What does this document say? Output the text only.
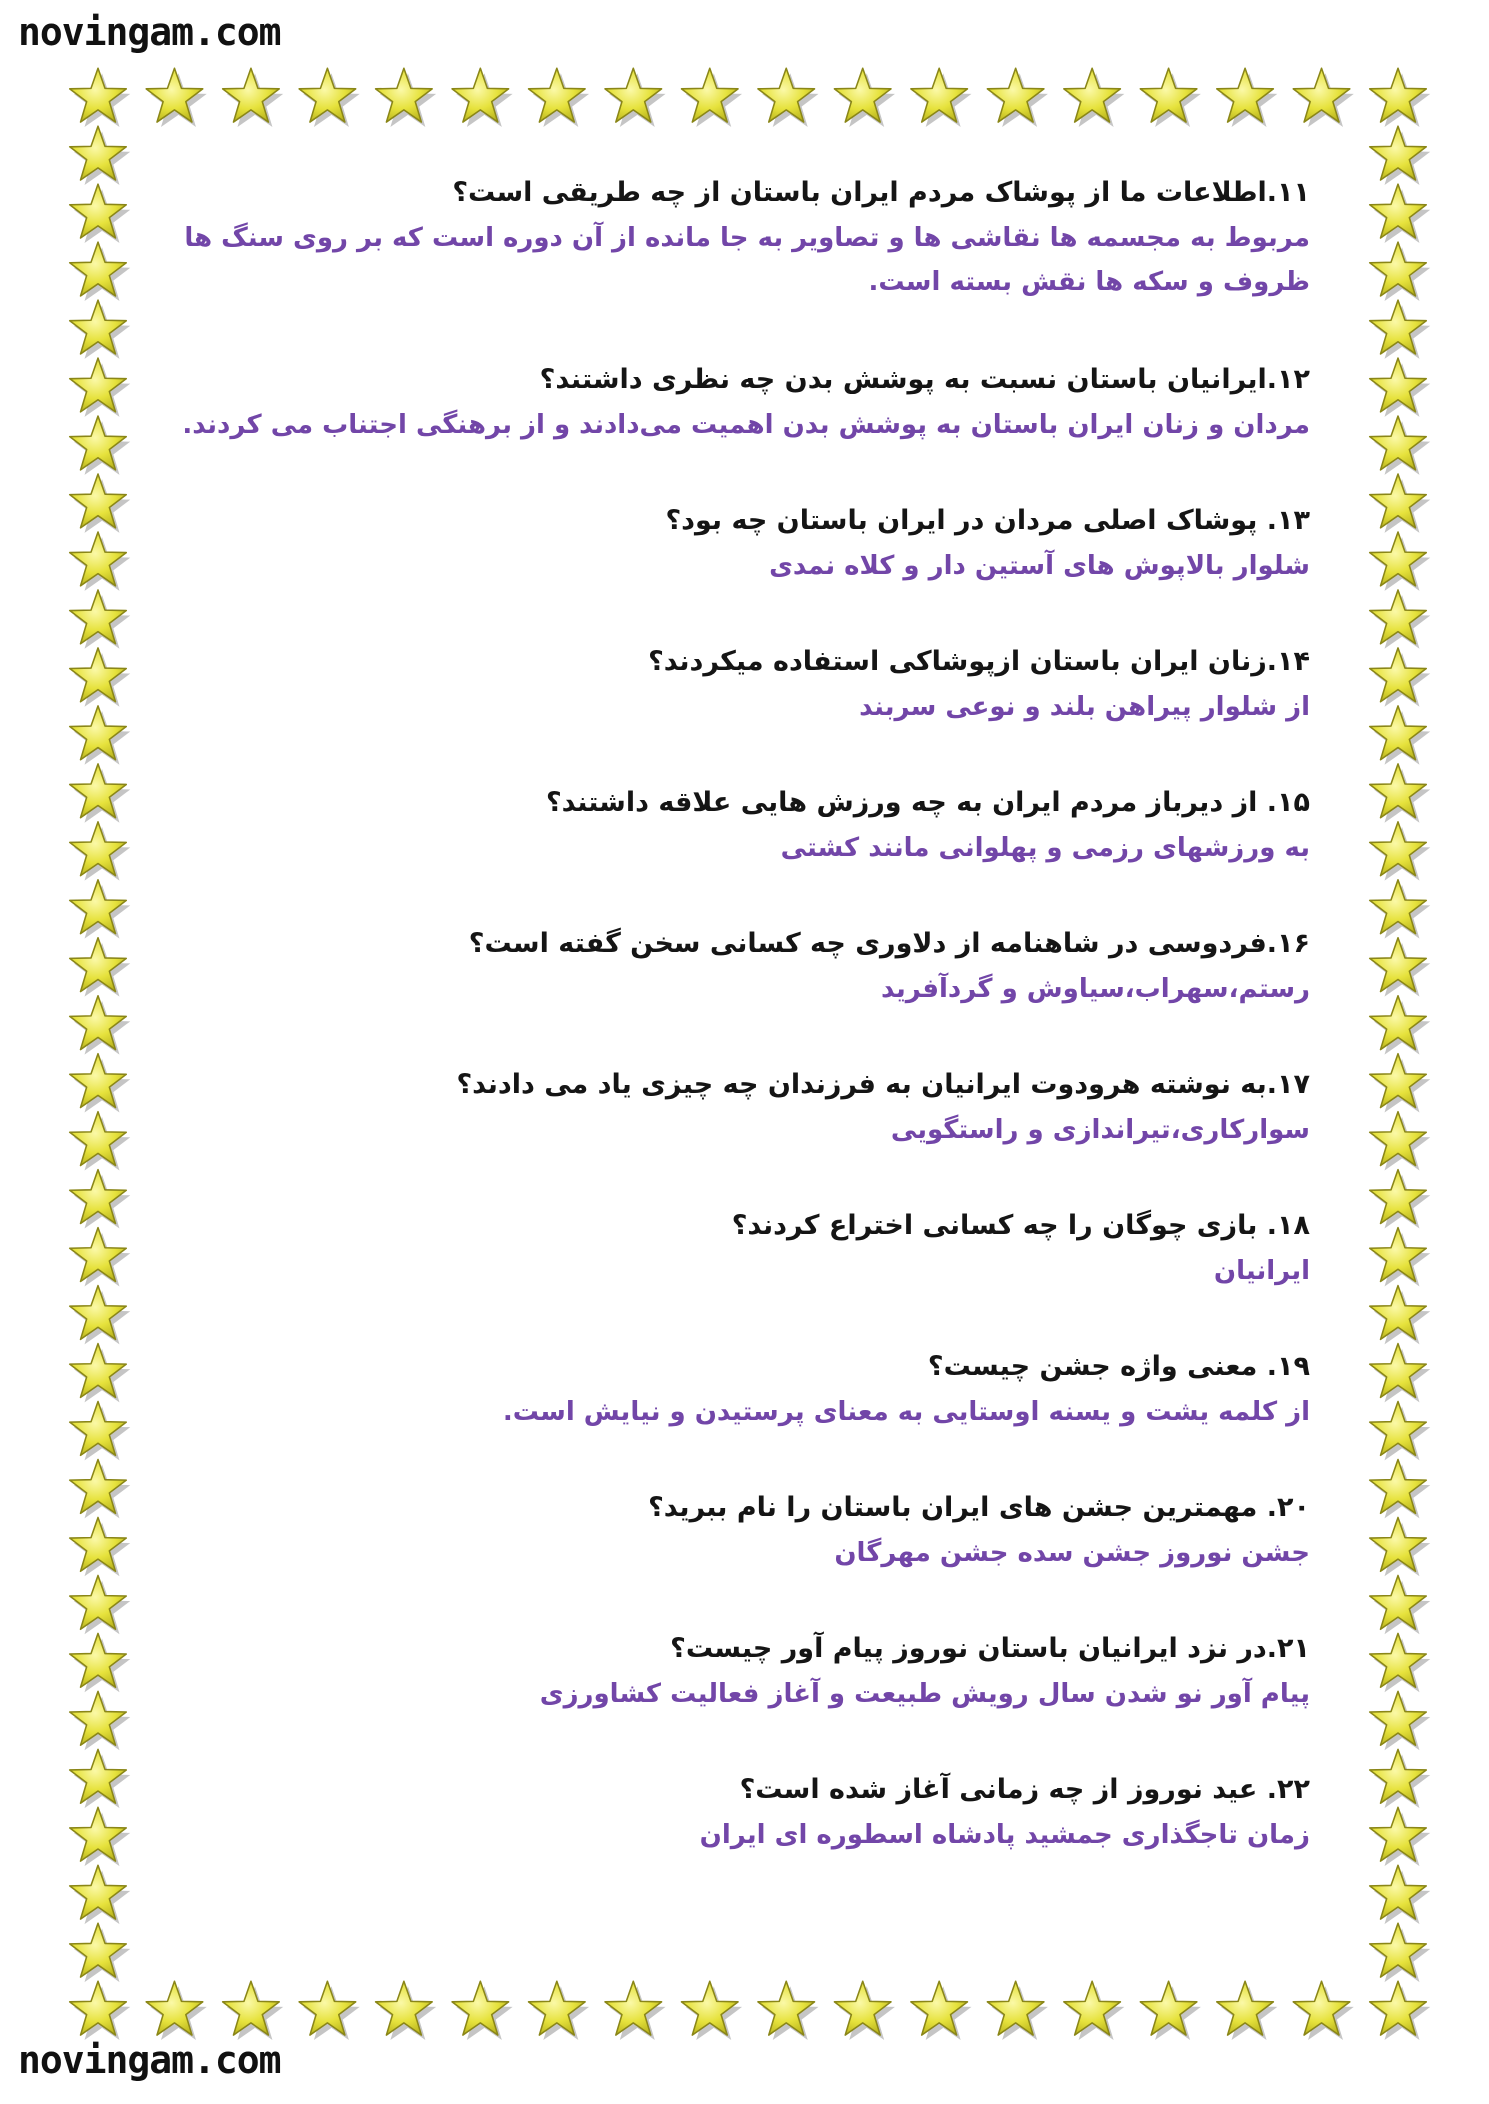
novingam.com
۱۱.اطلاعات ما از پوشاک مردم ایران باستان از چه طریقی است؟
مربوط به مجسمه ها نقاشی ها و تصاویر به جا مانده از آن دوره است که بر روی سنگ ها ظروف و سکه ها نقش بسته است.
۱۲.ایرانیان باستان نسبت به پوشش بدن چه نظری داشتند؟
مردان و زنان ایران باستان به پوشش بدن اهمیت می‌دادند و از برهنگی اجتناب می کردند.
۱۳. پوشاک اصلی مردان در ایران باستان چه بود؟
شلوار بالاپوش های آستین دار و کلاه نمدی
۱۴.زنان ایران باستان ازپوشاکی استفاده میکردند؟
از شلوار پیراهن بلند و نوعی سربند
۱۵. از دیرباز مردم ایران به چه ورزش هایی علاقه داشتند؟
به ورزشهای رزمی و پهلوانی مانند کشتی
۱۶.فردوسی در شاهنامه از دلاوری چه کسانی سخن گفته است؟
رستم،سهراب،سیاوش و گردآفرید
۱۷.به نوشته هرودوت ایرانیان به فرزندان چه چیزی یاد می دادند؟
سوارکاری،تیراندازی و راستگویی
۱۸. بازی چوگان را چه کسانی اختراع کردند؟
ایرانیان
۱۹. معنی واژه جشن چیست؟
از کلمه یشت و یسنه اوستایی به معنای پرستیدن و نیایش است.
۲۰. مهمترین جشن های ایران باستان را نام ببرید؟
جشن نوروز جشن سده جشن مهرگان
۲۱.در نزد ایرانیان باستان نوروز پیام آور چیست؟
پیام آور نو شدن سال رویش طبیعت و آغاز فعالیت کشاورزی
۲۲. عید نوروز از چه زمانی آغاز شده است؟
زمان تاجگذاری جمشید پادشاه اسطوره ای ایران
novingam.com
